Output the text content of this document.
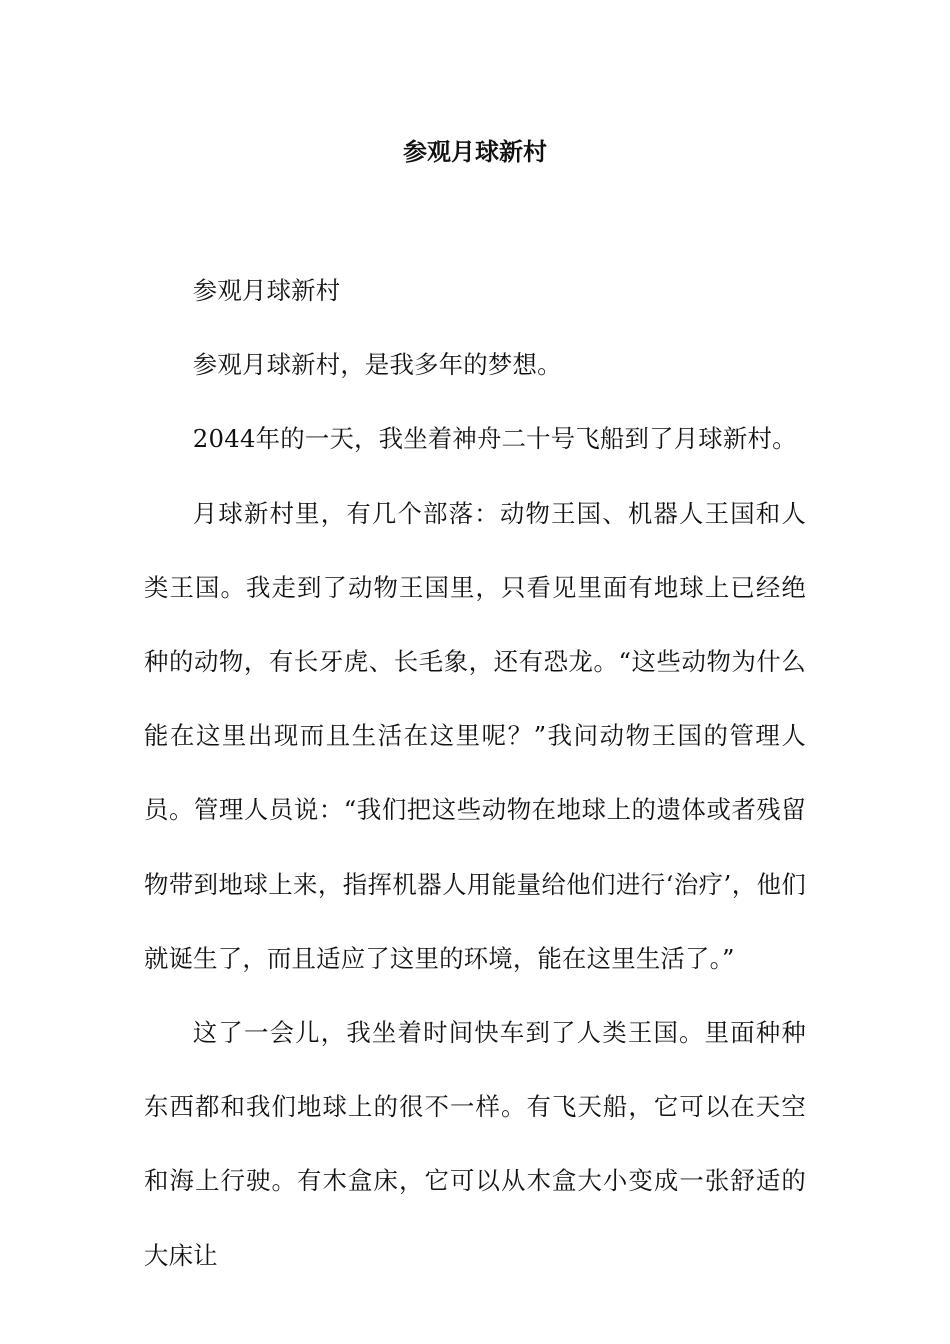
参观月球新村

参观月球新村

参观月球新村，是我多年的梦想。

2044年的一天，我坐着神舟二十号飞船到了月球新村。

月球新村里，有几个部落：动物王国、机器人王国和人类王国。我走到了动物王国里，只看见里面有地球上已经绝种的动物，有长牙虎、长毛象，还有恐龙。“这些动物为什么能在这里出现而且生活在这里呢？”我问动物王国的管理人员。管理人员说：“我们把这些动物在地球上的遗体或者残留物带到地球上来，指挥机器人用能量给他们进行‘治疗’，他们就诞生了，而且适应了这里的环境，能在这里生活了。”

这了一会儿，我坐着时间快车到了人类王国。里面种种东西都和我们地球上的很不一样。有飞天船，它可以在天空和海上行驶。有木盒床，它可以从木盒大小变成一张舒适的大床让
